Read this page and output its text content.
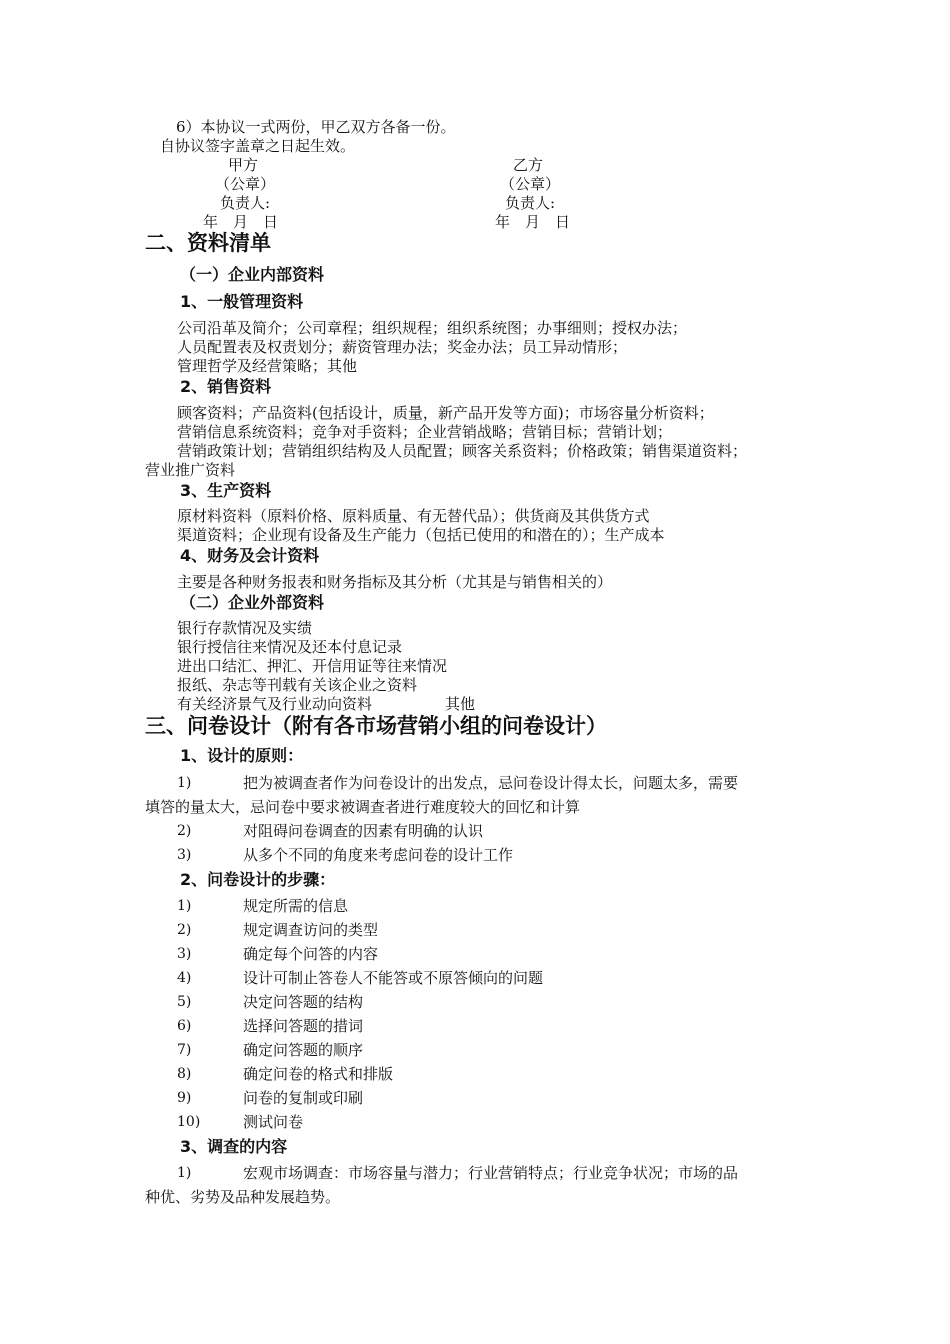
6）本协议一式两份，甲乙双方各备一份。
自协议签字盖章之日起生效。
甲方	乙方
（公章）	（公章）
负责人:	负责人:
年　月　日	年　月　日
二、资料清单
（一）企业内部资料
1、一般管理资料
公司沿革及简介；公司章程；组织规程；组织系统图；办事细则；授权办法；
人员配置表及权责划分；薪资管理办法；奖金办法；员工异动情形；
管理哲学及经营策略；其他
2、销售资料
顾客资料；产品资料(包括设计，质量，新产品开发等方面)；市场容量分析资料；
营销信息系统资料；竞争对手资料；企业营销战略；营销目标；营销计划；
营销政策计划；营销组织结构及人员配置；顾客关系资料；价格政策；销售渠道资料；
营业推广资料
3、生产资料
原材料资料（原料价格、原料质量、有无替代品）；供货商及其供货方式
渠道资料；企业现有设备及生产能力（包括已使用的和潜在的）；生产成本
4、财务及会计资料
主要是各种财务报表和财务指标及其分析（尤其是与销售相关的）
（二）企业外部资料
银行存款情况及实绩
银行授信往来情况及还本付息记录
进出口结汇、押汇、开信用证等往来情况
报纸、杂志等刊载有关该企业之资料
有关经济景气及行业动向资料	其他
三、问卷设计（附有各市场营销小组的问卷设计）
1、设计的原则：
1)	把为被调查者作为问卷设计的出发点，忌问卷设计得太长，问题太多，需要
填答的量太大，忌问卷中要求被调查者进行难度较大的回忆和计算
2)	对阻碍问卷调查的因素有明确的认识
3)	从多个不同的角度来考虑问卷的设计工作
2、问卷设计的步骤：
1)	规定所需的信息
2)	规定调查访问的类型
3)	确定每个问答的内容
4)	设计可制止答卷人不能答或不原答倾向的问题
5)	决定问答题的结构
6)	选择问答题的措词
7)	确定问答题的顺序
8)	确定问卷的格式和排版
9)	问卷的复制或印刷
10)	测试问卷
3、调查的内容
1)	宏观市场调查：市场容量与潜力；行业营销特点；行业竞争状况；市场的品
种优、劣势及品种发展趋势。
